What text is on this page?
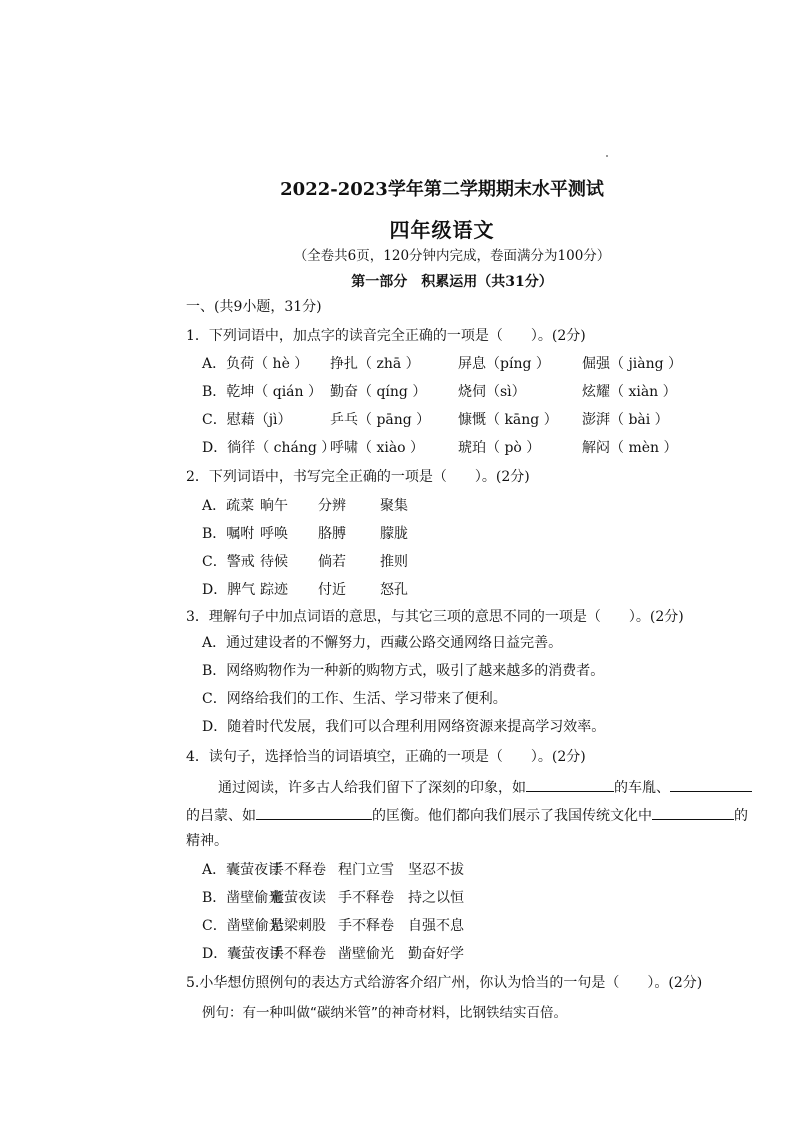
2022-2023学年第二学期期末水平测试
四年级语文
（全卷共6页，120分钟内完成，卷面满分为100分）
第一部分　积累运用（共31分）
一、(共9小题，31分)
1．下列词语中，加点字的读音完全正确的一项是（　　）。(2分)
A．负荷（ hè ） 挣扎（ zhā ）	屏息（píng ） 倔强（ jiàng ）
B．乾坤（ qián ） 勤奋（ qíng ） 烧伺（sì）	炫耀（ xiàn ）
C．慰藉（jì）	乒乓（ pāng ） 慷慨（ kāng ） 澎湃（ bài ）
D．徜徉（ cháng ）呼啸（ xiào ） 琥珀（ pò ）	解闷（ mèn ）
2．下列词语中，书写完全正确的一项是（　　）。(2分)
A．疏菜 晌午 分辨 聚集
B．嘱咐 呼唤 胳膊 朦胧
C．警戒 待候 倘若 推则
D．脾气 踪迹 付近 怒孔
3．理解句子中加点词语的意思，与其它三项的意思不同的一项是（　　）。(2分)
A．通过建设者的不懈努力，西藏公路交通网络日益完善。
B．网络购物作为一种新的购物方式，吸引了越来越多的消费者。
C．网络给我们的工作、生活、学习带来了便利。
D．随着时代发展，我们可以合理利用网络资源来提高学习效率。
4．读句子，选择恰当的词语填空，正确的一项是（　　）。(2分)
通过阅读，许多古人给我们留下了深刻的印象，如	的车胤、
的吕蒙、如	的匡衡。他们都向我们展示了我国传统文化中	的
精神。
A．囊萤夜读手不释卷 程门立雪 坚忍不拔
B．凿壁偷光囊萤夜读 手不释卷 持之以恒
C．凿壁偷光悬梁刺股 手不释卷 自强不息
D．囊萤夜读手不释卷 凿壁偷光 勤奋好学
5.小华想仿照例句的表达方式给游客介绍广州，你认为恰当的一句是（　　）。(2分)
例句：有一种叫做“碳纳米管”的神奇材料，比钢铁结实百倍。
